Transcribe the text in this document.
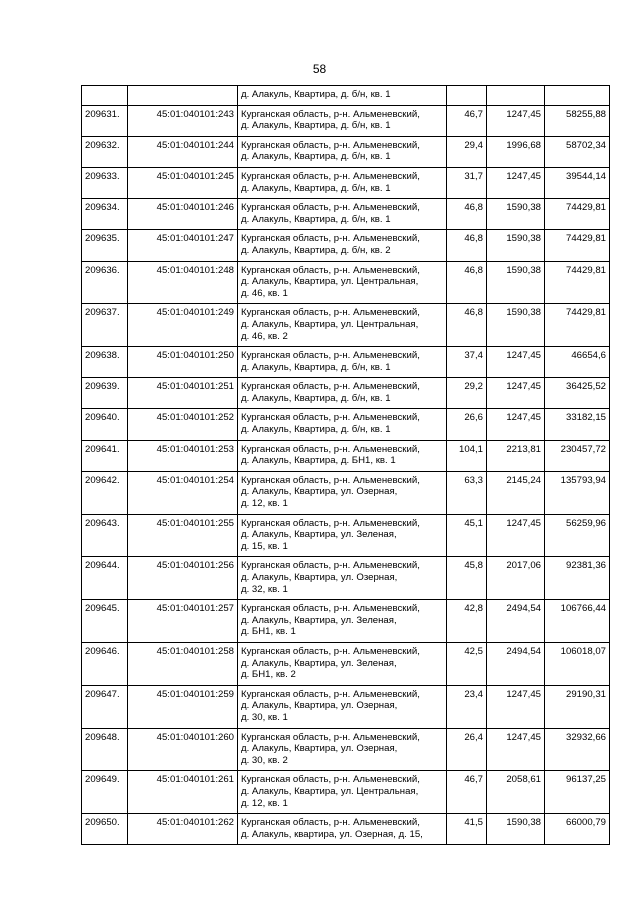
58

		д. Алакуль, Квартира, д. б/н, кв. 1			

209631.	45:01:040101:243	Курганская область, р-н. Альменевский,
д. Алакуль, Квартира, д. б/н, кв. 1	46,7	1247,45	58255,88
209632.	45:01:040101:244	Курганская область, р-н. Альменевский,
д. Алакуль, Квартира, д. б/н, кв. 1	29,4	1996,68	58702,34
209633.	45:01:040101:245	Курганская область, р-н. Альменевский,
д. Алакуль, Квартира, д. б/н, кв. 1	31,7	1247,45	39544,14
209634.	45:01:040101:246	Курганская область, р-н. Альменевский,
д. Алакуль, Квартира, д. б/н, кв. 1	46,8	1590,38	74429,81
209635.	45:01:040101:247	Курганская область, р-н. Альменевский,
д. Алакуль, Квартира, д. б/н, кв. 2	46,8	1590,38	74429,81
209636.	45:01:040101:248	Курганская область, р-н. Альменевский,
д. Алакуль, Квартира, ул. Центральная,
д. 46, кв. 1	46,8	1590,38	74429,81
209637.	45:01:040101:249	Курганская область, р-н. Альменевский,
д. Алакуль, Квартира, ул. Центральная,
д. 46, кв. 2	46,8	1590,38	74429,81
209638.	45:01:040101:250	Курганская область, р-н. Альменевский,
д. Алакуль, Квартира, д. б/н, кв. 1	37,4	1247,45	46654,6
209639.	45:01:040101:251	Курганская область, р-н. Альменевский,
д. Алакуль, Квартира, д. б/н, кв. 1	29,2	1247,45	36425,52
209640.	45:01:040101:252	Курганская область, р-н. Альменевский,
д. Алакуль, Квартира, д. б/н, кв. 1	26,6	1247,45	33182,15
209641.	45:01:040101:253	Курганская область, р-н. Альменевский,
д. Алакуль, Квартира, д. БН1, кв. 1	104,1	2213,81	230457,72
209642.	45:01:040101:254	Курганская область, р-н. Альменевский,
д. Алакуль, Квартира, ул. Озерная,
д. 12, кв. 1	63,3	2145,24	135793,94
209643.	45:01:040101:255	Курганская область, р-н. Альменевский,
д. Алакуль, Квартира, ул. Зеленая,
д. 15, кв. 1	45,1	1247,45	56259,96
209644.	45:01:040101:256	Курганская область, р-н. Альменевский,
д. Алакуль, Квартира, ул. Озерная,
д. 32, кв. 1	45,8	2017,06	92381,36
209645.	45:01:040101:257	Курганская область, р-н. Альменевский,
д. Алакуль, Квартира, ул. Зеленая,
д. БН1, кв. 1	42,8	2494,54	106766,44
209646.	45:01:040101:258	Курганская область, р-н. Альменевский,
д. Алакуль, Квартира, ул. Зеленая,
д. БН1, кв. 2	42,5	2494,54	106018,07
209647.	45:01:040101:259	Курганская область, р-н. Альменевский,
д. Алакуль, Квартира, ул. Озерная,
д. 30, кв. 1	23,4	1247,45	29190,31
209648.	45:01:040101:260	Курганская область, р-н. Альменевский,
д. Алакуль, Квартира, ул. Озерная,
д. 30, кв. 2	26,4	1247,45	32932,66
209649.	45:01:040101:261	Курганская область, р-н. Альменевский,
д. Алакуль, Квартира, ул. Центральная,
д. 12, кв. 1	46,7	2058,61	96137,25
209650.	45:01:040101:262	Курганская область, р-н. Альменевский,
д. Алакуль, квартира, ул. Озерная, д. 15,	41,5	1590,38	66000,79
